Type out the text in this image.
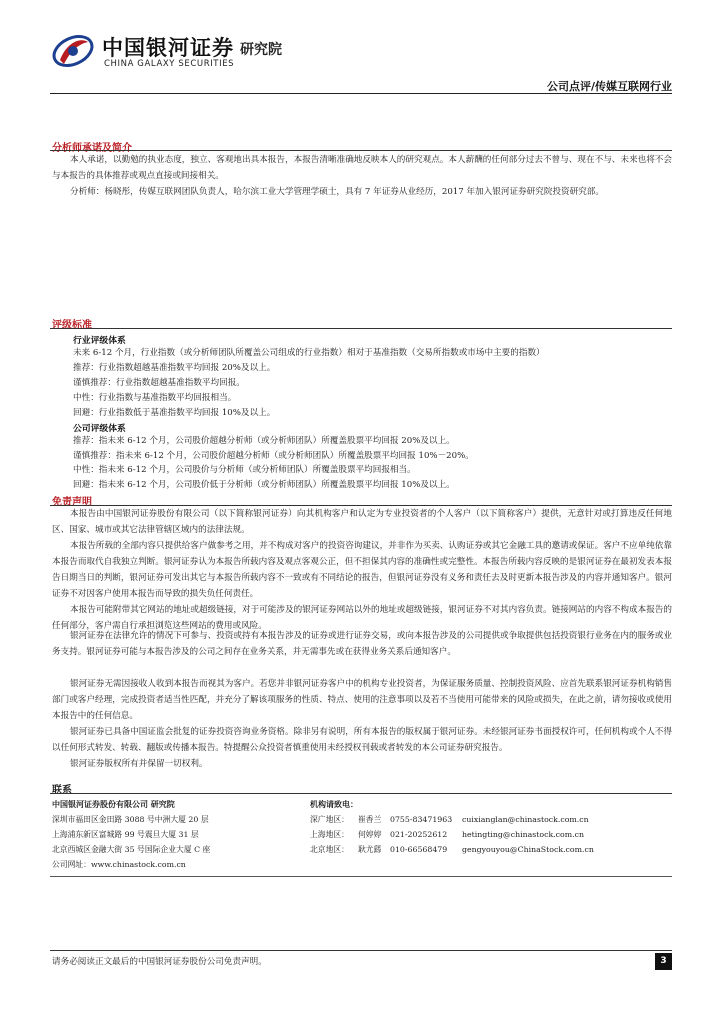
中国银河证券 研究院
CHINA GALAXY SECURITIES
公司点评/传媒互联网行业
分析师承诺及简介
本人承诺，以勤勉的执业态度，独立、客观地出具本报告，本报告清晰准确地反映本人的研究观点。本人薪酬的任何部分过去不曾与、现在不与、未来也将不会与本报告的具体推荐或观点直接或间接相关。
分析师：杨晓彤，传媒互联网团队负责人，哈尔滨工业大学管理学硕士，具有 7 年证券从业经历，2017 年加入银河证券研究院投资研究部。
评级标准
行业评级体系
未来 6-12 个月，行业指数（或分析师团队所覆盖公司组成的行业指数）相对于基准指数（交易所指数或市场中主要的指数）
推荐：行业指数超越基准指数平均回报 20%及以上。
谨慎推荐：行业指数超越基准指数平均回报。
中性：行业指数与基准指数平均回报相当。
回避：行业指数低于基准指数平均回报 10%及以上。
公司评级体系
推荐：指未来 6-12 个月，公司股价超越分析师（或分析师团队）所覆盖股票平均回报 20%及以上。
谨慎推荐：指未来 6-12 个月，公司股价超越分析师（或分析师团队）所覆盖股票平均回报 10%－20%。
中性：指未来 6-12 个月，公司股价与分析师（或分析师团队）所覆盖股票平均回报相当。
回避：指未来 6-12 个月，公司股价低于分析师（或分析师团队）所覆盖股票平均回报 10%及以上。
免责声明
本报告由中国银河证券股份有限公司（以下简称银河证券）向其机构客户和认定为专业投资者的个人客户（以下简称客户）提供，无意针对或打算违反任何地区、国家、城市或其它法律管辖区域内的法律法规。
本报告所载的全部内容只提供给客户做参考之用，并不构成对客户的投资咨询建议，并非作为买卖、认购证券或其它金融工具的邀请或保证。客户不应单纯依靠本报告而取代自我独立判断。银河证券认为本报告所载内容及观点客观公正，但不担保其内容的准确性或完整性。本报告所载内容反映的是银河证券在最初发表本报告日期当日的判断，银河证券可发出其它与本报告所载内容不一致或有不同结论的报告，但银河证券没有义务和责任去及时更新本报告涉及的内容并通知客户。银河证券不对因客户使用本报告而导致的损失负任何责任。
本报告可能附带其它网站的地址或超级链接，对于可能涉及的银河证券网站以外的地址或超级链接，银河证券不对其内容负责。链接网站的内容不构成本报告的任何部分，客户需自行承担浏览这些网站的费用或风险。
银河证券在法律允许的情况下可参与、投资或持有本报告涉及的证券或进行证券交易，或向本报告涉及的公司提供或争取提供包括投资银行业务在内的服务或业务支持。银河证券可能与本报告涉及的公司之间存在业务关系，并无需事先或在获得业务关系后通知客户。
银河证券无需因接收人收到本报告而视其为客户。若您并非银河证券客户中的机构专业投资者，为保证服务质量、控制投资风险、应首先联系银河证券机构销售部门或客户经理，完成投资者适当性匹配，并充分了解该项服务的性质、特点、使用的注意事项以及若不当使用可能带来的风险或损失，在此之前，请勿接收或使用本报告中的任何信息。
银河证券已具备中国证监会批复的证券投资咨询业务资格。除非另有说明，所有本报告的版权属于银河证券。未经银河证券书面授权许可，任何机构或个人不得以任何形式转发、转载、翻版或传播本报告。特提醒公众投资者慎重使用未经授权刊载或者转发的本公司证券研究报告。
银河证券版权所有并保留一切权利。
联系
中国银河证券股份有限公司 研究院
深圳市福田区金田路 3088 号中洲大厦 20 层
上海浦东新区富城路 99 号震旦大厦 31 层
北京西城区金融大街 35 号国际企业大厦 C 座
公司网址：www.chinastock.com.cn
机构请致电：
深广地区： 崔香兰 0755-83471963 cuixianglan@chinastock.com.cn
上海地区： 何婷婷 021-20252612 hetingting@chinastock.com.cn
北京地区： 耿尤繇 010-66568479 gengyouyou@ChinaStock.com.cn
请务必阅读正文最后的中国银河证券股份公司免责声明。	3
